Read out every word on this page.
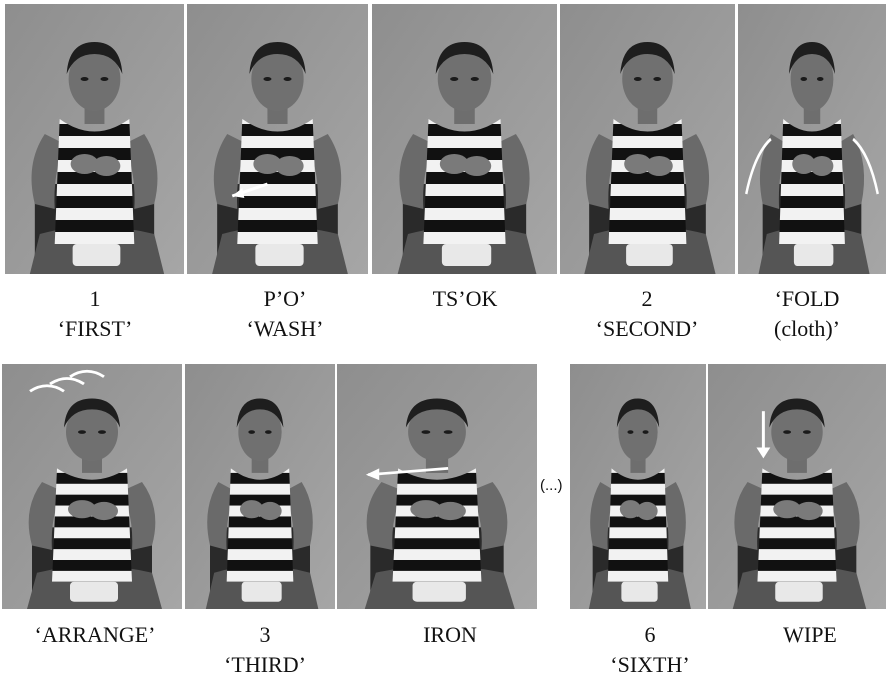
1
‘FIRST’
P’O’
‘WASH’
TS’OK	2
‘SECOND’
‘FOLD
(cloth)’
(...)
‘ARRANGE’	3
‘THIRD’
IRON	6
‘SIXTH’
WIPE
